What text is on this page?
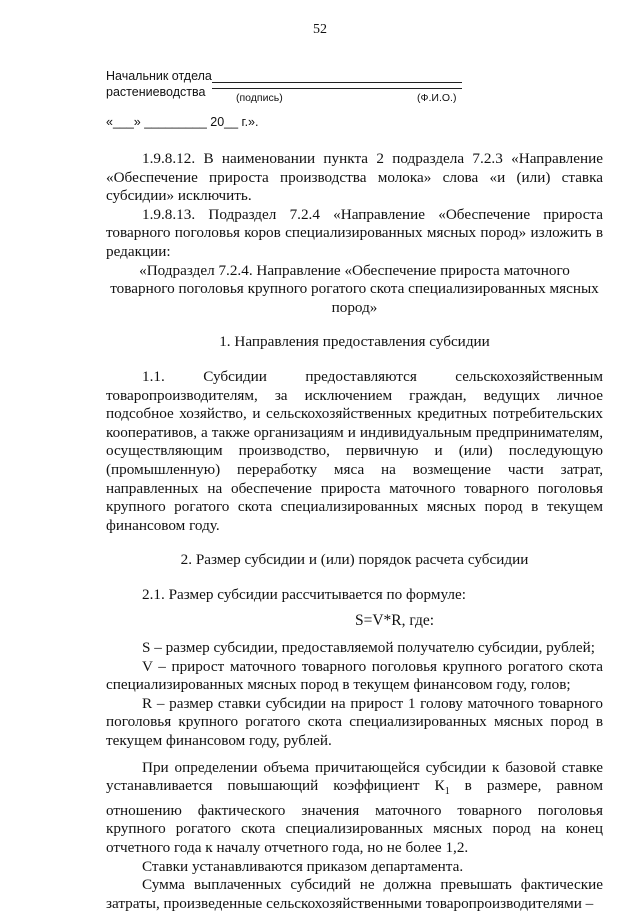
52
Начальник отдела
растениеводства	(подпись)	(Ф.И.О.)
«___» _________ 20__ г.».

1.9.8.12. В наименовании пункта 2 подраздела 7.2.3 «Направление «Обеспечение прироста производства молока» слова «и (или) ставка субсидии» исключить.

1.9.8.13. Подраздел 7.2.4 «Направление «Обеспечение прироста товарного поголовья коров специализированных мясных пород» изложить в редакции:

«Подраздел 7.2.4. Направление «Обеспечение прироста маточного товарного поголовья крупного рогатого скота специализированных мясных пород»

1. Направления предоставления субсидии

1.1. Субсидии предоставляются сельскохозяйственным товаропроизводителям, за исключением граждан, ведущих личное подсобное хозяйство, и сельскохозяйственных кредитных потребительских кооперативов, а также организациям и индивидуальным предпринимателям, осуществляющим производство, первичную и (или) последующую (промышленную) переработку мяса на возмещение части затрат, направленных на обеспечение прироста маточного товарного поголовья крупного рогатого скота специализированных мясных пород в текущем финансовом году.

2. Размер субсидии и (или) порядок расчета субсидии

2.1. Размер субсидии рассчитывается по формуле:

S=V*R, где:

S – размер субсидии, предоставляемой получателю субсидии, рублей;

V – прирост маточного товарного поголовья крупного рогатого скота специализированных мясных пород в текущем финансовом году, голов;

R – размер ставки субсидии на прирост 1 голову маточного товарного поголовья крупного рогатого скота специализированных мясных пород в текущем финансовом году, рублей.

При определении объема причитающейся субсидии к базовой ставке устанавливается повышающий коэффициент $К_1$ в размере, равном отношению фактического значения маточного товарного поголовья крупного рогатого скота специализированных мясных пород на конец отчетного года к началу отчетного года, но не более 1,2.

Ставки устанавливаются приказом департамента.

Сумма выплаченных субсидий не должна превышать фактические затраты, произведенные сельскохозяйственными товаропроизводителями –
